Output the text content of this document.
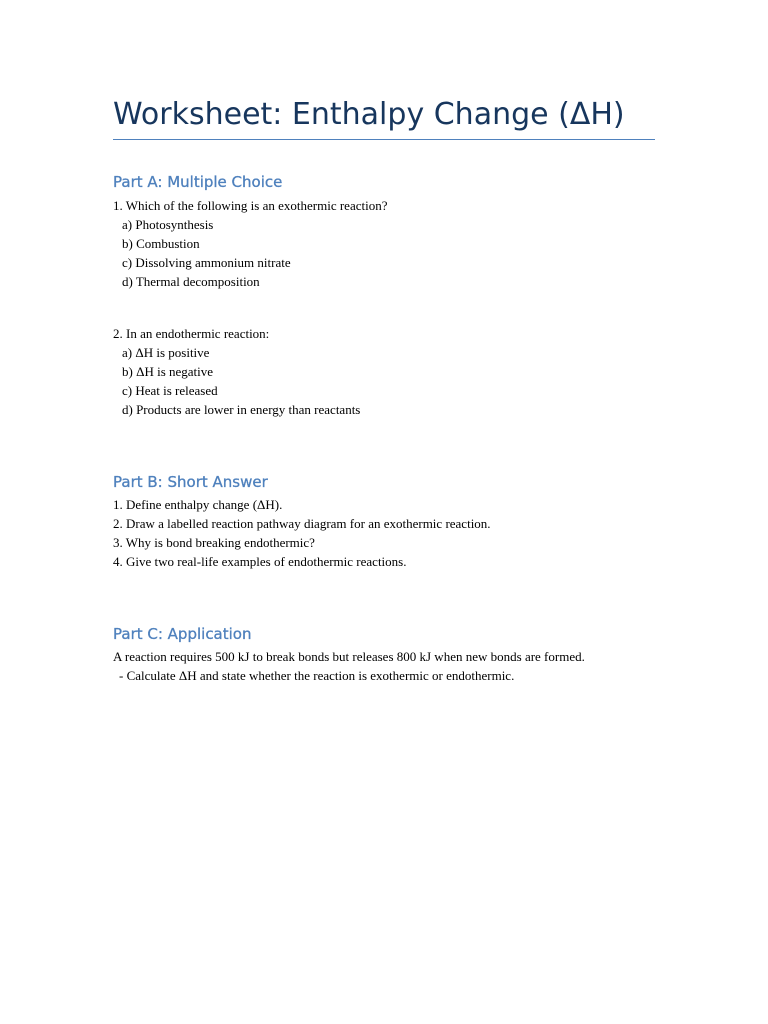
Worksheet: Enthalpy Change (ΔH)
Part A: Multiple Choice

1. Which of the following is an exothermic reaction?

a) Photosynthesis

b) Combustion

c) Dissolving ammonium nitrate

d) Thermal decomposition

2. In an endothermic reaction:

a) ΔH is positive

b) ΔH is negative

c) Heat is released

d) Products are lower in energy than reactants

Part B: Short Answer

1. Define enthalpy change (ΔH).

2. Draw a labelled reaction pathway diagram for an exothermic reaction.

3. Why is bond breaking endothermic?

4. Give two real-life examples of endothermic reactions.

Part C: Application

A reaction requires 500 kJ to break bonds but releases 800 kJ when new bonds are formed.

- Calculate ΔH and state whether the reaction is exothermic or endothermic.
